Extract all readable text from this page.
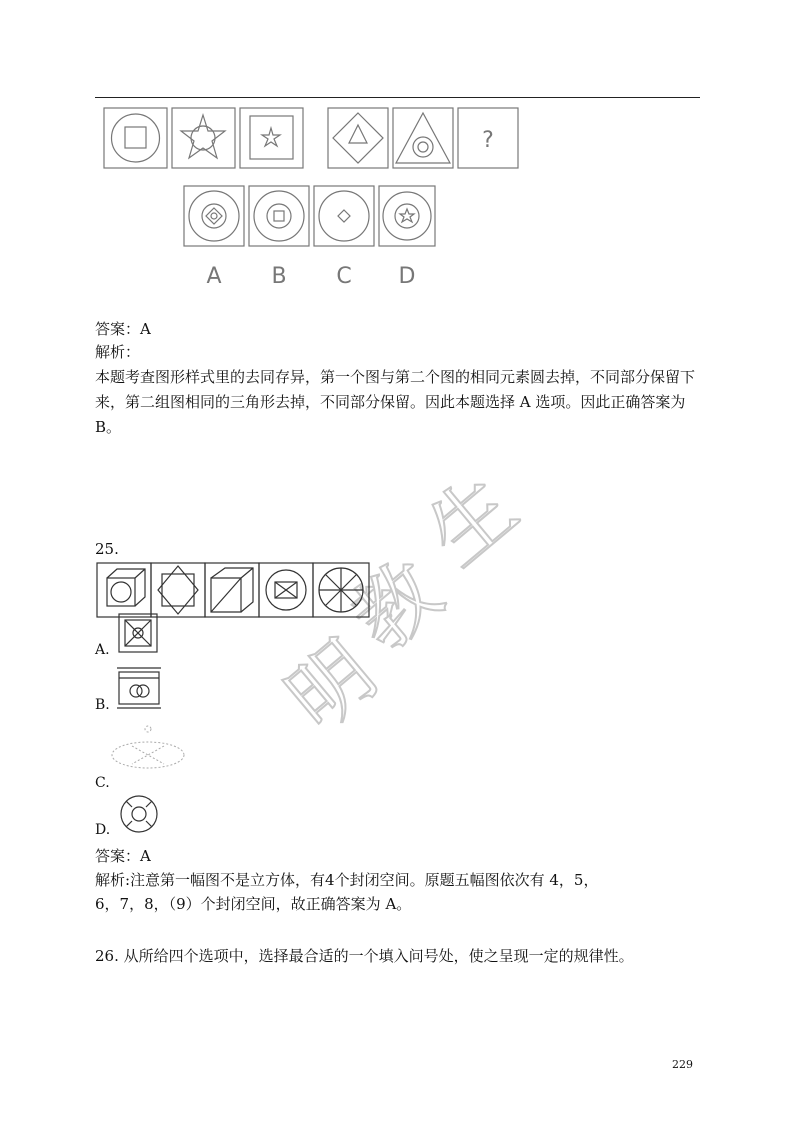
?
A B C D
答案：A
解析：
本题考查图形样式里的去同存异，第一个图与第二个图的相同元素圆去掉，不同部分保留下来，第二组图相同的三角形去掉，不同部分保留。因此本题选择 A 选项。因此正确答案为 B。
明
教
生
25.
A.
B.
C.
D.
答案：A
解析:注意第一幅图不是立方体，有4个封闭空间。原题五幅图依次有 4，5，
6，7，8，（9）个封闭空间，故正确答案为 A。
26. 从所给四个选项中，选择最合适的一个填入问号处，使之呈现一定的规律性。
229
